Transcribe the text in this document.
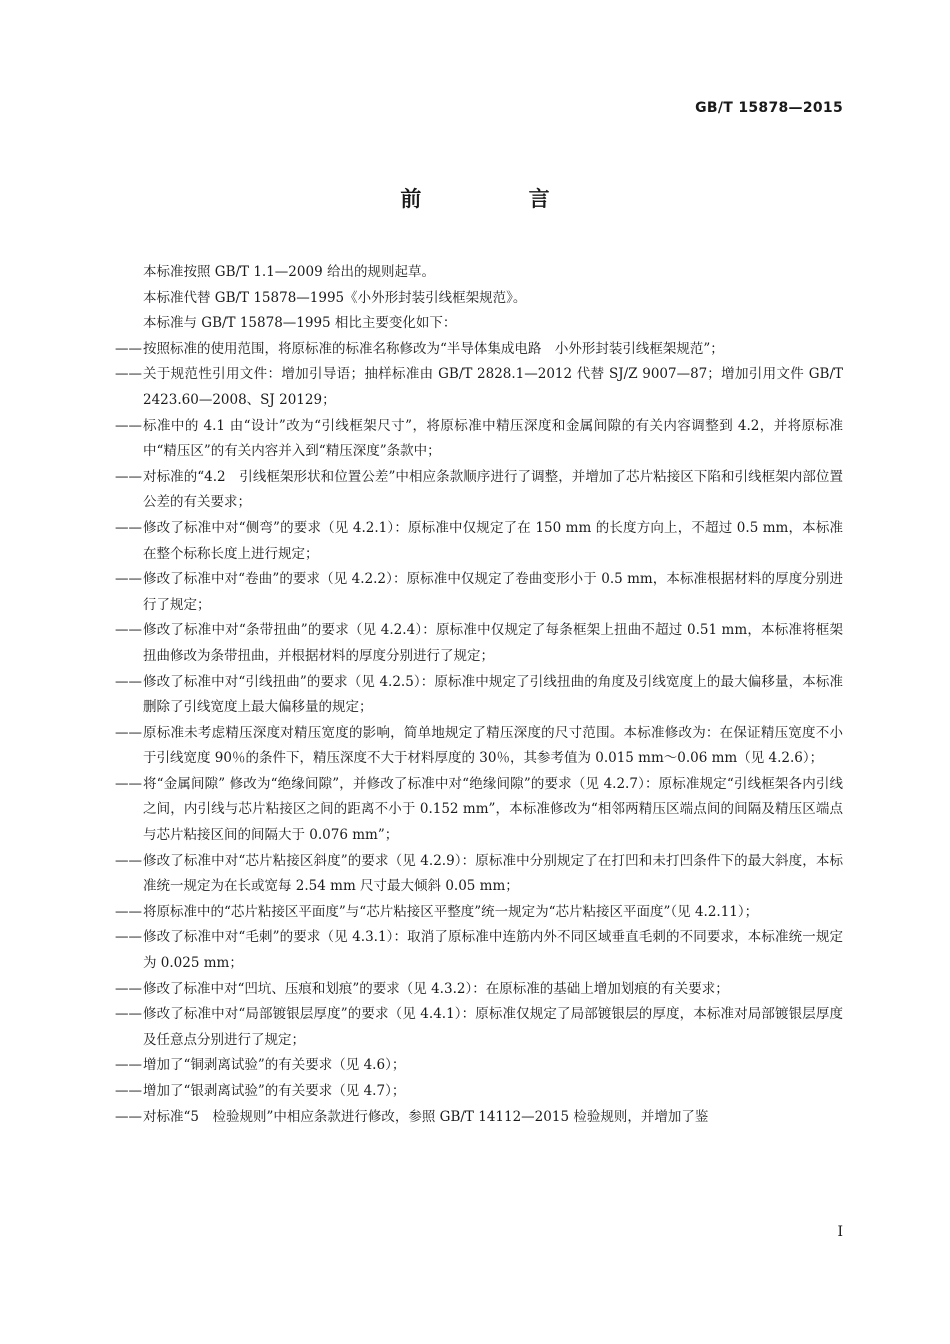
GB/T 15878—2015
前 言

本标准按照 GB/T 1.1—2009 给出的规则起草。

本标准代替 GB/T 15878—1995《小外形封装引线框架规范》。

本标准与 GB/T 15878—1995 相比主要变化如下：

—— 按照标准的使用范围，将原标准的标准名称修改为“半导体集成电路　小外形封装引线框架规范”；

—— 关于规范性引用文件：增加引导语；抽样标准由 GB/T 2828.1—2012 代替 SJ/Z 9007—87；增加引用文件 GB/T 2423.60—2008、SJ 20129；

—— 标准中的 4.1 由“设计”改为“引线框架尺寸”，将原标准中精压深度和金属间隙的有关内容调整到 4.2，并将原标准中“精压区”的有关内容并入到“精压深度”条款中；

—— 对标准的“4.2　引线框架形状和位置公差”中相应条款顺序进行了调整，并增加了芯片粘接区下陷和引线框架内部位置公差的有关要求；

—— 修改了标准中对“侧弯”的要求（见 4.2.1）：原标准中仅规定了在 150 mm 的长度方向上，不超过 0.5 mm，本标准在整个标称长度上进行规定；

—— 修改了标准中对“卷曲”的要求（见 4.2.2）：原标准中仅规定了卷曲变形小于 0.5 mm，本标准根据材料的厚度分别进行了规定；

—— 修改了标准中对“条带扭曲”的要求（见 4.2.4）：原标准中仅规定了每条框架上扭曲不超过 0.51 mm，本标准将框架扭曲修改为条带扭曲，并根据材料的厚度分别进行了规定；

—— 修改了标准中对“引线扭曲”的要求（见 4.2.5）：原标准中规定了引线扭曲的角度及引线宽度上的最大偏移量，本标准删除了引线宽度上最大偏移量的规定；

—— 原标准未考虑精压深度对精压宽度的影响，简单地规定了精压深度的尺寸范围。本标准修改为：在保证精压宽度不小于引线宽度 90％的条件下，精压深度不大于材料厚度的 30％，其参考值为 0.015 mm～0.06 mm（见 4.2.6）；

—— 将“金属间隙” 修改为“绝缘间隙”，并修改了标准中对“绝缘间隙”的要求（见 4.2.7）：原标准规定“引线框架各内引线之间，内引线与芯片粘接区之间的距离不小于 0.152 mm”，本标准修改为“相邻两精压区端点间的间隔及精压区端点与芯片粘接区间的间隔大于 0.076 mm”；

—— 修改了标准中对“芯片粘接区斜度”的要求（见 4.2.9）：原标准中分别规定了在打凹和未打凹条件下的最大斜度，本标准统一规定为在长或宽每 2.54 mm 尺寸最大倾斜 0.05 mm；

—— 将原标准中的“芯片粘接区平面度”与“芯片粘接区平整度”统一规定为“芯片粘接区平面度”（见 4.2.11）；

—— 修改了标准中对“毛刺”的要求（见 4.3.1）：取消了原标准中连筋内外不同区域垂直毛刺的不同要求，本标准统一规定为 0.025 mm；

—— 修改了标准中对“凹坑、压痕和划痕”的要求（见 4.3.2）：在原标准的基础上增加划痕的有关要求；

—— 修改了标准中对“局部镀银层厚度”的要求（见 4.4.1）：原标准仅规定了局部镀银层的厚度，本标准对局部镀银层厚度及任意点分别进行了规定；

—— 增加了“铜剥离试验”的有关要求（见 4.6）；

—— 增加了“银剥离试验”的有关要求（见 4.7）；

—— 对标准“5　检验规则”中相应条款进行修改，参照 GB/T 14112—2015 检验规则，并增加了鉴

I
